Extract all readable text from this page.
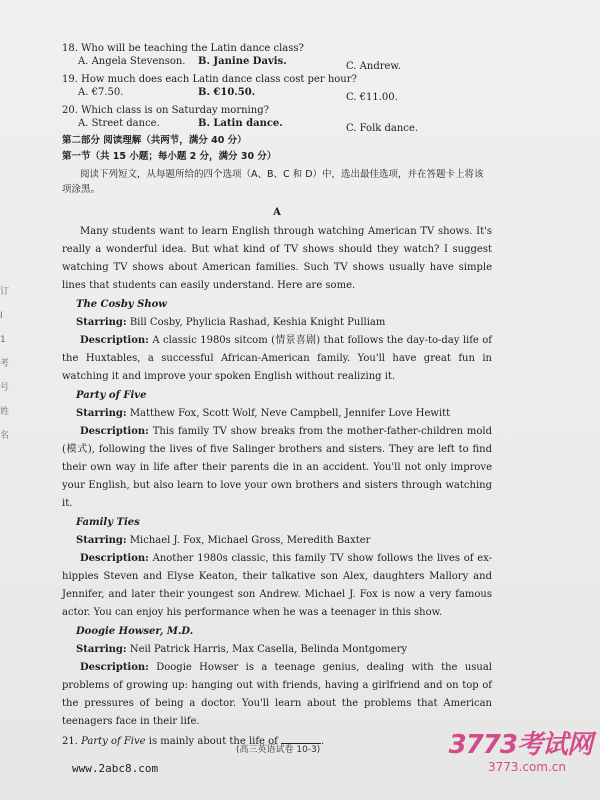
订
I
1
考
号
姓
名
18. Who will be teaching the Latin dance class?
A. Angela Stevenson. B. Janine Davis.	C. Andrew.
19. How much does each Latin dance class cost per hour?
A. €7.50.	B. €10.50.	C. €11.00.
20. Which class is on Saturday morning?
A. Street dance.	B. Latin dance.	C. Folk dance.
第二部分 阅读理解（共两节，满分 40 分）
第一节（共 15 小题；每小题 2 分，满分 30 分）
阅读下列短文，从每题所给的四个选项（A、B、C 和 D）中，选出最佳选项，并在答题卡上将该项涂黑。
A

Many students want to learn English through watching American TV shows. It's really a wonderful idea. But what kind of TV shows should they watch? I suggest watching TV shows about American families. Such TV shows usually have simple lines that students can easily understand. Here are some.

The Cosby Show
Starring: Bill Cosby, Phylicia Rashad, Keshia Knight Pulliam

Description: A classic 1980s sitcom (情景喜剧) that follows the day-to-day life of the Huxtables, a successful African-American family. You'll have great fun in watching it and improve your spoken English without realizing it.

Party of Five
Starring: Matthew Fox, Scott Wolf, Neve Campbell, Jennifer Love Hewitt

Description: This family TV show breaks from the mother-father-children mold (模式), following the lives of five Salinger brothers and sisters. They are left to find their own way in life after their parents die in an accident. You'll not only improve your English, but also learn to love your own brothers and sisters through watching it.

Family Ties
Starring: Michael J. Fox, Michael Gross, Meredith Baxter

Description: Another 1980s classic, this family TV show follows the lives of ex-hippies Steven and Elyse Keaton, their talkative son Alex, daughters Mallory and Jennifer, and later their youngest son Andrew. Michael J. Fox is now a very famous actor. You can enjoy his performance when he was a teenager in this show.

Doogie Howser, M.D.
Starring: Neil Patrick Harris, Max Casella, Belinda Montgomery

Description: Doogie Howser is a teenage genius, dealing with the usual problems of growing up: hanging out with friends, having a girlfriend and on top of the pressures of being a doctor. You'll learn about the problems that American teenagers face in their life.

21. Party of Five is mainly about the life of	.
(高三英语试卷 10-3)
www.2abc8.com
3773考试网
3773.com.cn
